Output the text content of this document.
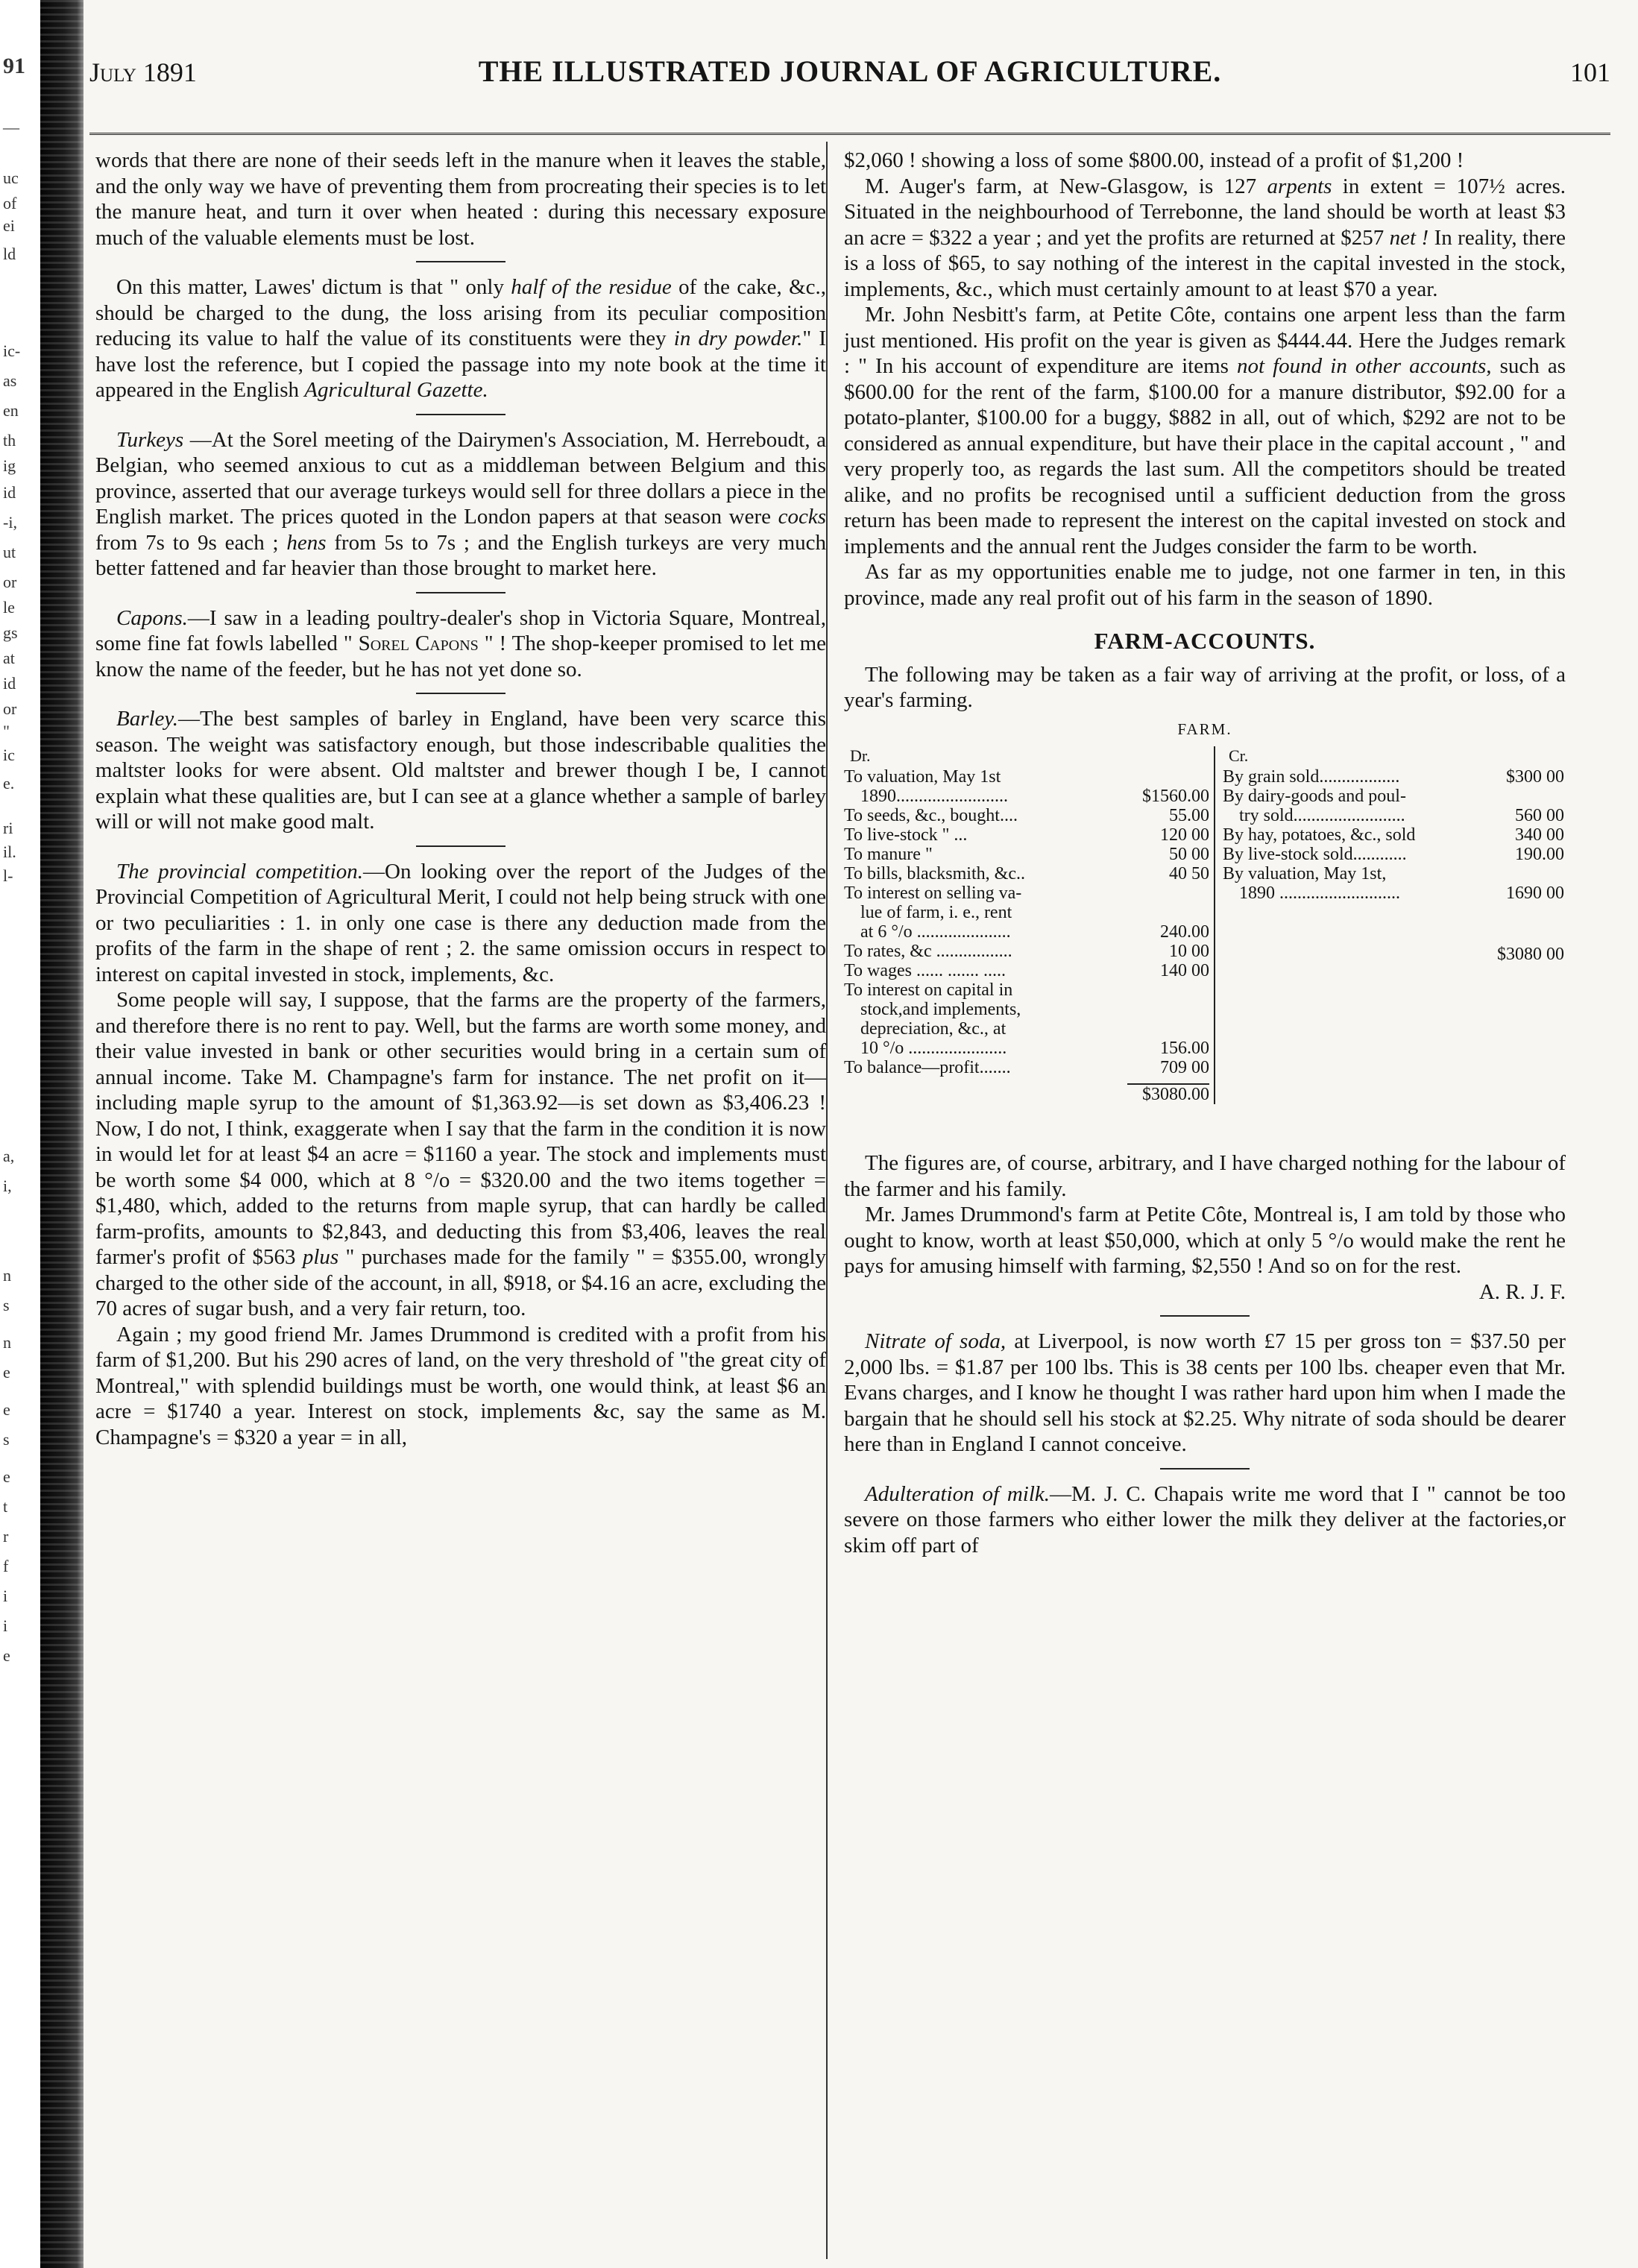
91
—
uc
of
ei
ld
ic-
as
en
th
ig
id
-i,
ut
or
le
gs
at
id
or
"
ic
e.
ri
il.
l-
a,
i,
n
s
n
e
e
s
e
t
r
f
i
i
e
July 1891	THE ILLUSTRATED JOURNAL OF AGRICULTURE.	101

words that there are none of their seeds left in the manure when it leaves the stable, and the only way we have of preventing them from procreating their species is to let the manure heat, and turn it over when heated : during this necessary exposure much of the valuable elements must be lost.

On this matter, Lawes' dictum is that " only half of the residue of the cake, &c., should be charged to the dung, the loss arising from its peculiar composition reducing its value to half the value of its constituents were they in dry powder." I have lost the reference, but I copied the passage into my note book at the time it appeared in the English Agricultural Gazette.

Turkeys —At the Sorel meeting of the Dairymen's Association, M. Herreboudt, a Belgian, who seemed anxious to cut as a middleman between Belgium and this province, asserted that our average turkeys would sell for three dollars a piece in the English market. The prices quoted in the London papers at that season were cocks from 7s to 9s each ; hens from 5s to 7s ; and the English turkeys are very much better fattened and far heavier than those brought to market here.

Capons.—I saw in a leading poultry-dealer's shop in Victoria Square, Montreal, some fine fat fowls labelled " Sorel Capons " ! The shop-keeper promised to let me know the name of the feeder, but he has not yet done so.

Barley.—The best samples of barley in England, have been very scarce this season. The weight was satisfactory enough, but those indescribable qualities the maltster looks for were absent. Old maltster and brewer though I be, I cannot explain what these qualities are, but I can see at a glance whether a sample of barley will or will not make good malt.

The provincial competition.—On looking over the report of the Judges of the Provincial Competition of Agricultural Merit, I could not help being struck with one or two peculiarities : 1. in only one case is there any deduction made from the profits of the farm in the shape of rent ; 2. the same omission occurs in respect to interest on capital invested in stock, implements, &c.

Some people will say, I suppose, that the farms are the property of the farmers, and therefore there is no rent to pay. Well, but the farms are worth some money, and their value invested in bank or other securities would bring in a certain sum of annual income. Take M. Champagne's farm for instance. The net profit on it—including maple syrup to the amount of $1,363.92—is set down as $3,406.23 ! Now, I do not, I think, exaggerate when I say that the farm in the condition it is now in would let for at least $4 an acre = $1160 a year. The stock and implements must be worth some $4 000, which at 8 °/o = $320.00 and the two items together = $1,480, which, added to the returns from maple syrup, that can hardly be called farm-profits, amounts to $2,843, and deducting this from $3,406, leaves the real farmer's profit of $563 plus " purchases made for the family " = $355.00, wrongly charged to the other side of the account, in all, $918, or $4.16 an acre, excluding the 70 acres of sugar bush, and a very fair return, too.

Again ; my good friend Mr. James Drummond is credited with a profit from his farm of $1,200. But his 290 acres of land, on the very threshold of "the great city of Montreal," with splendid buildings must be worth, one would think, at least $6 an acre = $1740 a year. Interest on stock, implements &c, say the same as M. Champagne's = $320 a year = in all,

$2,060 ! showing a loss of some $800.00, instead of a profit of $1,200 !

M. Auger's farm, at New-Glasgow, is 127 arpents in extent = 107½ acres. Situated in the neighbourhood of Terrebonne, the land should be worth at least $3 an acre = $322 a year ; and yet the profits are returned at $257 net ! In reality, there is a loss of $65, to say nothing of the interest in the capital invested in the stock, implements, &c., which must certainly amount to at least $70 a year.

Mr. John Nesbitt's farm, at Petite Côte, contains one arpent less than the farm just mentioned. His profit on the year is given as $444.44. Here the Judges remark : " In his account of expenditure are items not found in other accounts, such as $600.00 for the rent of the farm, $100.00 for a manure distributor, $92.00 for a potato-planter, $100.00 for a buggy, $882 in all, out of which, $292 are not to be considered as annual expenditure, but have their place in the capital account , " and very properly too, as regards the last sum. All the competitors should be treated alike, and no profits be recognised until a sufficient deduction from the gross return has been made to represent the interest on the capital invested on stock and implements and the annual rent the Judges consider the farm to be worth.

As far as my opportunities enable me to judge, not one farmer in ten, in this province, made any real profit out of his farm in the season of 1890.

FARM-ACCOUNTS.

The following may be taken as a fair way of arriving at the profit, or loss, of a year's farming.

FARM.
Dr.
To valuation, May 1st
1890.........................	$1560.00
To seeds, &c., bought....	55.00
To live-stock " ...	120 00
To manure "	50 00
To bills, blacksmith, &c..	40 50
To interest on selling va-
lue of farm, i. e., rent
at 6 °/o .....................	240.00
To rates, &c .................	10 00
To wages ...... ....... .....	140 00
To interest on capital in
stock,and implements,
depreciation, &c., at
10 °/o ......................	156.00
To balance—profit.......	709 00
$3080.00
Cr.
By grain sold..................	$300 00
By dairy-goods and poul-
try sold.........................	560 00
By hay, potatoes, &c., sold	340 00
By live-stock sold............	190.00
By valuation, May 1st,
1890 ...........................	1690 00
$3080 00

The figures are, of course, arbitrary, and I have charged nothing for the labour of the farmer and his family.

Mr. James Drummond's farm at Petite Côte, Montreal is, I am told by those who ought to know, worth at least $50,000, which at only 5 °/o would make the rent he pays for amusing himself with farming, $2,550 ! And so on for the rest.

A. R. J. F.

Nitrate of soda, at Liverpool, is now worth £7 15 per gross ton = $37.50 per 2,000 lbs. = $1.87 per 100 lbs. This is 38 cents per 100 lbs. cheaper even that Mr. Evans charges, and I know he thought I was rather hard upon him when I made the bargain that he should sell his stock at $2.25. Why nitrate of soda should be dearer here than in England I cannot conceive.

Adulteration of milk.—M. J. C. Chapais write me word that I " cannot be too severe on those farmers who either lower the milk they deliver at the factories,or skim off part of
